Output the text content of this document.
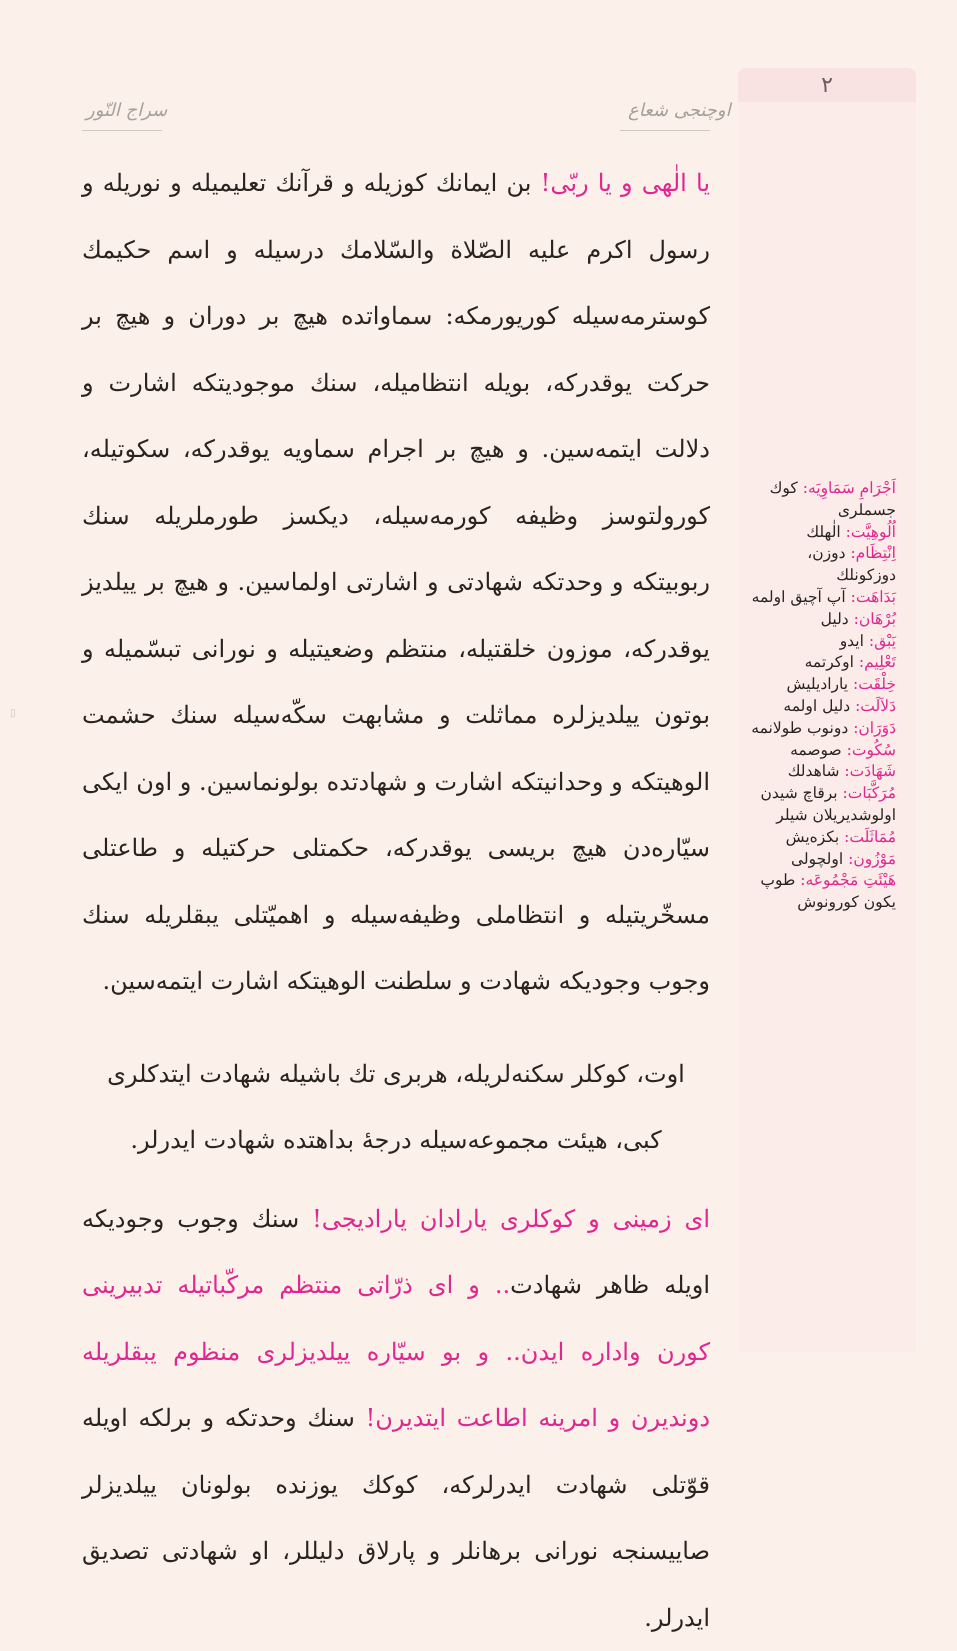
۲
اوچنجی شعاع
سراج النّور

یا الٰهی و یا ربّی! بن ایمانك كوزیله و قرآنك تعلیمیله و نوریله و رسول اكرم علیه الصّلاة والسّلامك درسیله و اسم حكیمك كوسترمه‌سیله كوریورمكه: سماواتده هیچ بر دوران و هیچ بر حركت یوقدركه، بویله انتظامیله، سنك موجودیتكه اشارت و دلالت ایتمه‌سین. و هیچ بر اجرام سماویه یوقدركه، سكوتیله، كورولتوسز وظیفه كورمه‌سیله، دیكسز طورملریله سنك ربوبیتكه و وحدتكه شهادتی و اشارتی اولماسین. و هیچ بر ییلدیز یوقدركه، موزون خلقتیله، منتظم وضعیتیله و نورانی تبسّمیله و بوتون ییلدیزلره مماثلت و مشابهت سكّه‌سیله سنك حشمت الوهیتكه و وحدانیتكه اشارت و شهادتده بولونماسین. و اون ایكی سیّاره‌دن هیچ بریسی یوقدركه، حكمتلی حركتیله و طاعتلی مسخّریتیله و انتظاملی وظیفه‌سیله و اهمیّتلی یبقلریله سنك وجوب وجودیكه شهادت و سلطنت الوهیتكه اشارت ایتمه‌سین.

اوت، كوكلر سكنه‌لریله، هربری تك باشیله شهادت ایتدكلری كبی، هیئت مجموعه‌سیله درجۀ بداهتده شهادت ایدرلر.

ای زمینی و كوكلری یارادان یارادیجی! سنك وجوب وجودیكه اویله ظاهر شهادت.. و ای ذرّاتی منتظم مركّباتیله تدبیرینی كورن واداره ایدن.. و بو سیّاره ییلدیزلری منظوم یبقلریله دوندیرن و امرینه اطاعت ایتدیرن! سنك وحدتكه و برلكه اویله قوّتلی شهادت ایدرلركه، كوكك یوزنده بولونان ییلدیزلر صاییسنجه نورانی برهانلر و پارلاق دلیللر، او شهادتی تصدیق ایدرلر.

اَجْرَامِ سَمَاوِيَه: كوك جسملری
اُلُوهِيَّت: الٰهلك
اِنْتِظَام: دوزن، دوزكونلك
بَدَاهَت: آپ آچیق اولمه
بُرْهَان: دلیل
يَبْق: ایدو
تَعْلِيم: اوكرتمه
خِلْقَت: یارادیلیش
دَلاَلَت: دلیل اولمه
دَوَرَان: دونوب طولانمه
سُكُوت: صوصمه
شَهَادَت: شاهدلك
مُرَكَّبَات: برقاچ شیدن اولوشدیریلان شیلر
مُمَاثَلَت: بكزه‌یش
مَوْزُون: اولچولی
هَيْئَتِ مَجْمُوعَه: طوپ یكون كورونوش
▯
